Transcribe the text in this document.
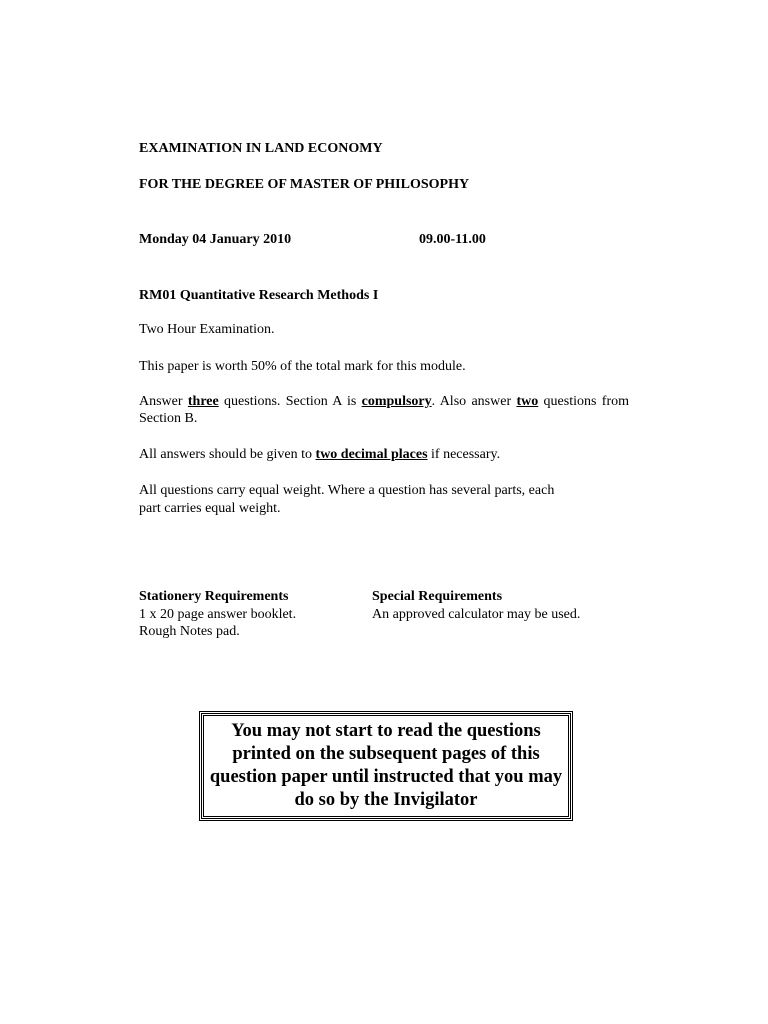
EXAMINATION IN LAND ECONOMY
FOR THE DEGREE OF MASTER OF PHILOSOPHY
Monday 04 January 2010	09.00-11.00
RM01 Quantitative Research Methods I
Two Hour Examination.
This paper is worth 50% of the total mark for this module.
Answer three questions. Section A is compulsory. Also answer two questions from Section B.
All answers should be given to two decimal places if necessary.
All questions carry equal weight. Where a question has several parts, each
part carries equal weight.
Stationery Requirements
1 x 20 page answer booklet.
Rough Notes pad.
Special Requirements
An approved calculator may be used.
You may not start to read the questions printed on the subsequent pages of this question paper until instructed that you may do so by the Invigilator
